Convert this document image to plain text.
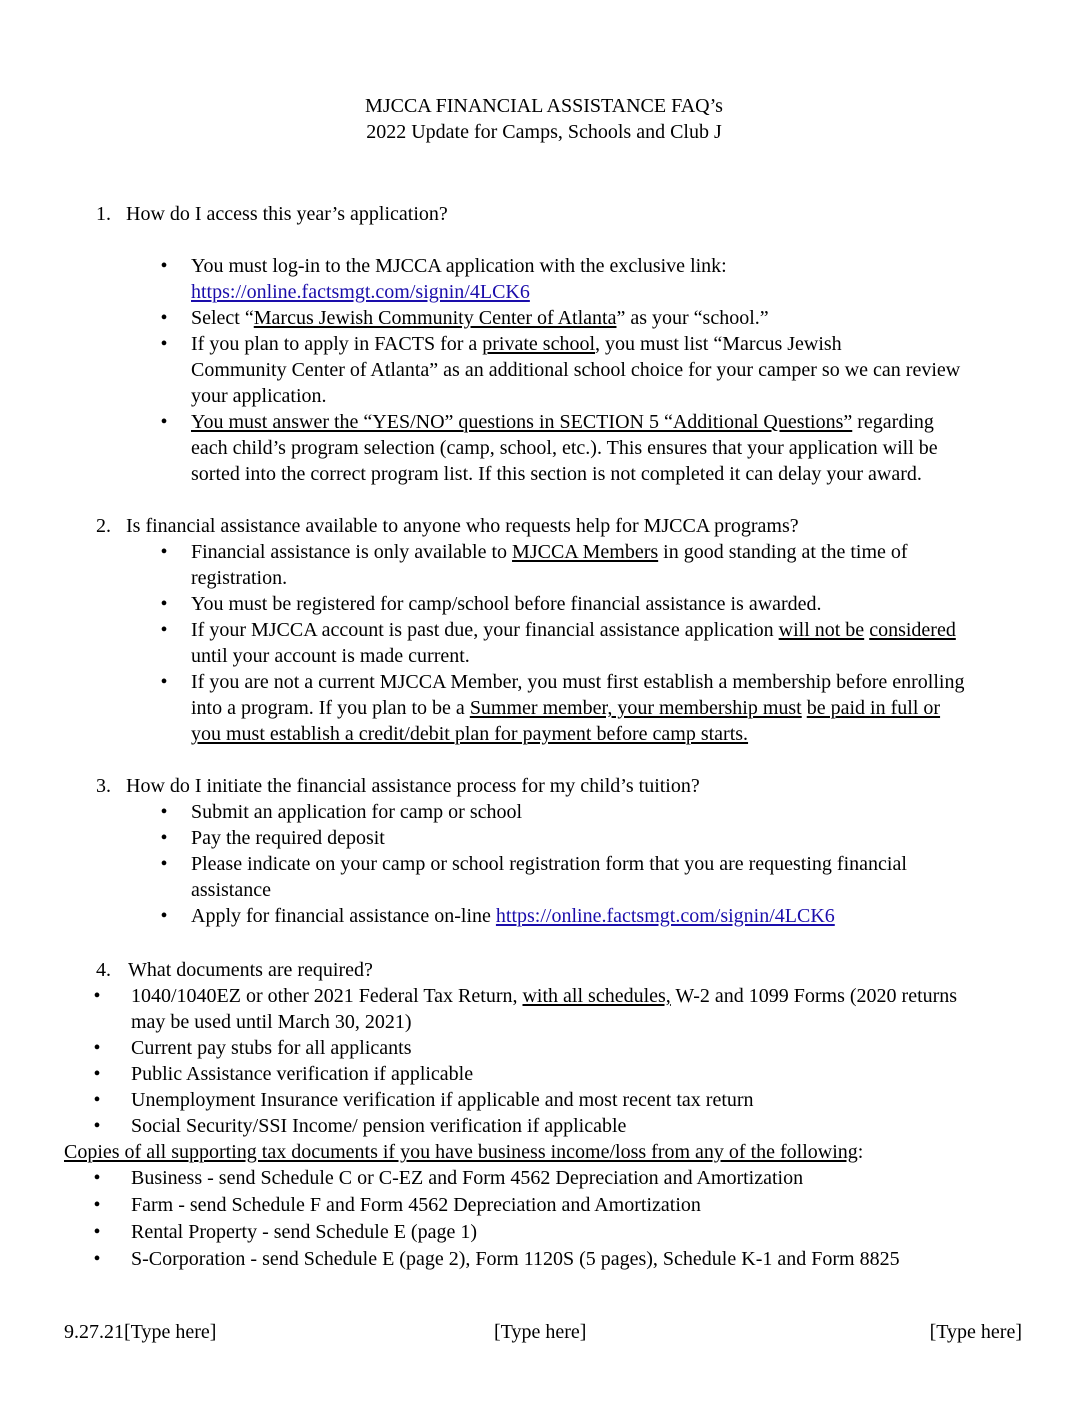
MJCCA FINANCIAL ASSISTANCE FAQ’s
2022 Update for Camps, Schools and Club J
1. How do I access this year’s application?
• You must log-in to the MJCCA application with the exclusive link:
https://online.factsmgt.com/signin/4LCK6
• Select “Marcus Jewish Community Center of Atlanta” as your “school.”
• If you plan to apply in FACTS for a private school, you must list “Marcus Jewish
Community Center of Atlanta” as an additional school choice for your camper so we can review
your application.
• You must answer the “YES/NO” questions in SECTION 5 “Additional Questions” regarding
each child’s program selection (camp, school, etc.). This ensures that your application will be
sorted into the correct program list. If this section is not completed it can delay your award.
2. Is financial assistance available to anyone who requests help for MJCCA programs?
• Financial assistance is only available to MJCCA Members in good standing at the time of
registration.
• You must be registered for camp/school before financial assistance is awarded.
• If your MJCCA account is past due, your financial assistance application will not be considered
until your account is made current.
• If you are not a current MJCCA Member, you must first establish a membership before enrolling
into a program. If you plan to be a Summer member, your membership must be paid in full or
you must establish a credit/debit plan for payment before camp starts.
3. How do I initiate the financial assistance process for my child’s tuition?
• Submit an application for camp or school
• Pay the required deposit
• Please indicate on your camp or school registration form that you are requesting financial
assistance
• Apply for financial assistance on-line https://online.factsmgt.com/signin/4LCK6
4. What documents are required?
• 1040/1040EZ or other 2021 Federal Tax Return, with all schedules, W-2 and 1099 Forms (2020 returns
may be used until March 30, 2021)
• Current pay stubs for all applicants
• Public Assistance verification if applicable
• Unemployment Insurance verification if applicable and most recent tax return
• Social Security/SSI Income/ pension verification if applicable
Copies of all supporting tax documents if you have business income/loss from any of the following:
• Business - send Schedule C or C-EZ and Form 4562 Depreciation and Amortization
• Farm - send Schedule F and Form 4562 Depreciation and Amortization
• Rental Property - send Schedule E (page 1)
• S-Corporation - send Schedule E (page 2), Form 1120S (5 pages), Schedule K-1 and Form 8825
9.27.21[Type here]	[Type here]	[Type here]
